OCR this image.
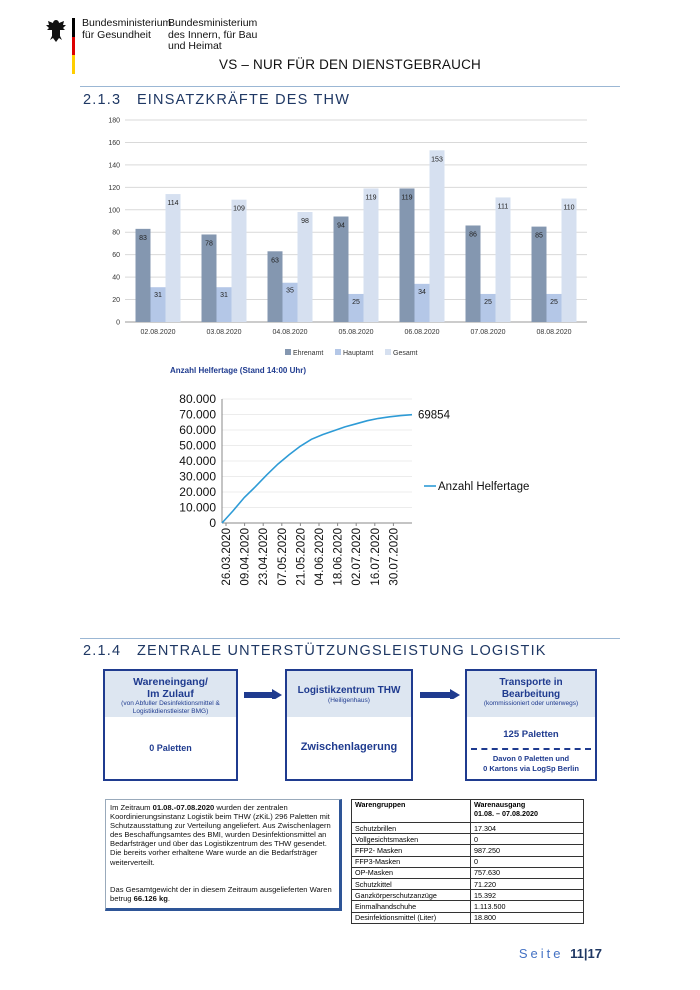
Bundesministerium
für Gesundheit
Bundesministerium
des Innern, für Bau
und Heimat
VS – NUR FÜR DEN DIENSTGEBRAUCH
2.1.3 EINSATZKRÄFTE DES THW
0
20
40
60
80
100
120
140
160
180
83
31
114
02.08.2020
78
31
109
03.08.2020
63
35
98
04.08.2020
94
25
119
05.08.2020
119
34
153
06.08.2020
86
25
111
07.08.2020
85
25
110
08.08.2020
Ehrenamt	Hauptamt	Gesamt
Anzahl Helfertage (Stand 14:00 Uhr)
0
10.000
20.000
30.000
40.000
50.000
60.000
70.000
80.000
26.03.2020 09.04.2020 23.04.2020 07.05.2020 21.05.2020 04.06.2020 18.06.2020 02.07.2020 16.07.2020 30.07.2020
69854
Anzahl Helfertage
2.1.4 ZENTRALE UNTERSTÜTZUNGSLEISTUNG LOGISTIK
Wareneingang/
Im Zulauf
(von Abfuller Desinfektionsmittel &
Logistikdienstleister BMG)
0 Paletten
Logistikzentrum THW
(Heiligenhaus)
Zwischenlagerung
Transporte in
Bearbeitung
(kommissioniert oder unterwegs)
125 Paletten
Davon 0 Paletten und
0 Kartons via LogSp Berlin
Im Zeitraum 01.08.-07.08.2020 wurden der zentralen Koordinierungsinstanz Logistik beim THW (zKiL) 296 Paletten mit Schutzausstattung zur Verteilung angeliefert. Aus Zwischenlagern des Beschaffungsamtes des BMI, wurden Desinfektionsmittel an Bedarfsträger und über das Logistikzentrum des THW gesendet. Die bereits vorher erhaltene Ware wurde an die Bedarfsträger weiterverteilt.
Das Gesamtgewicht der in diesem Zeitraum ausgelieferten Waren betrug 66.126 kg.
Warengruppen	Warenausgang
01.08. – 07.08.2020

Schutzbrillen	17.304
Vollgesichtsmasken	0
FFP2- Masken	987.250
FFP3-Masken	0
OP-Masken	757.630
Schutzkittel	71.220
Ganzkörperschutzanzüge	15.392
Einmalhandschuhe	1.113.500
Desinfektionsmittel (Liter)	18.800
Seite 11|17
